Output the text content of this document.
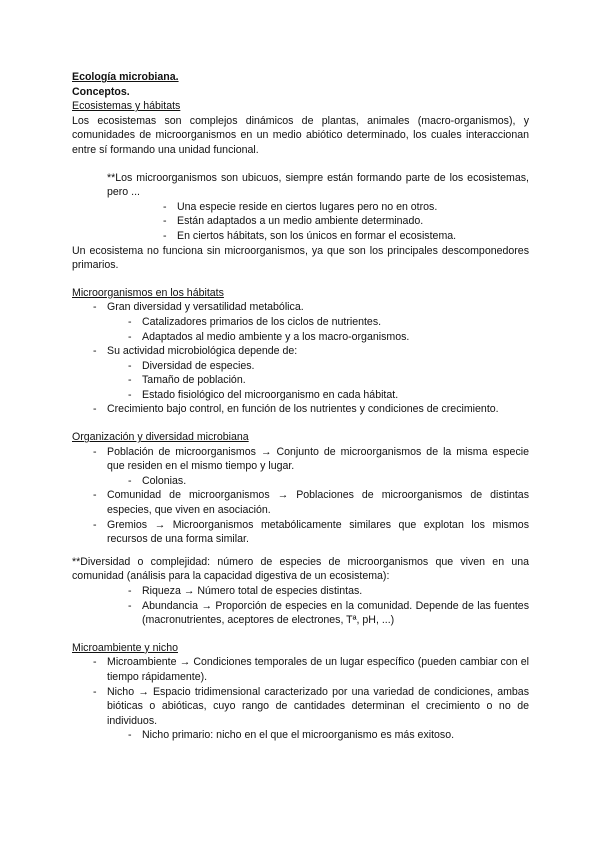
Ecología microbiana.
Conceptos.
Ecosistemas y hábitats
Los ecosistemas son complejos dinámicos de plantas, animales (macro-organismos), y comunidades de microorganismos en un medio abiótico determinado, los cuales interaccionan entre sí formando una unidad funcional.
**Los microorganismos son ubicuos, siempre están formando parte de los ecosistemas, pero ...
- Una especie reside en ciertos lugares pero no en otros.
- Están adaptados a un medio ambiente determinado.
- En ciertos hábitats, son los únicos en formar el ecosistema.
Un ecosistema no funciona sin microorganismos, ya que son los principales descomponedores primarios.
Microorganismos en los hábitats
- Gran diversidad y versatilidad metabólica.
- Catalizadores primarios de los ciclos de nutrientes.
- Adaptados al medio ambiente y a los macro-organismos.
- Su actividad microbiológica depende de:
- Diversidad de especies.
- Tamaño de población.
- Estado fisiológico del microorganismo en cada hábitat.
- Crecimiento bajo control, en función de los nutrientes y condiciones de crecimiento.
Organización y diversidad microbiana
- Población de microorganismos → Conjunto de microorganismos de la misma especie que residen en el mismo tiempo y lugar.
- Colonias.
- Comunidad de microorganismos → Poblaciones de microorganismos de distintas especies, que viven en asociación.
- Gremios → Microorganismos metabólicamente similares que explotan los mismos recursos de una forma similar.
**Diversidad o complejidad: número de especies de microorganismos que viven en una comunidad (análisis para la capacidad digestiva de un ecosistema):
- Riqueza → Número total de especies distintas.
- Abundancia → Proporción de especies en la comunidad. Depende de las fuentes (macronutrientes, aceptores de electrones, Tª, pH, ...)
Microambiente y nicho
- Microambiente → Condiciones temporales de un lugar específico (pueden cambiar con el tiempo rápidamente).
- Nicho → Espacio tridimensional caracterizado por una variedad de condiciones, ambas bióticas o abióticas, cuyo rango de cantidades determinan el crecimiento o no de individuos.
- Nicho primario: nicho en el que el microorganismo es más exitoso.
